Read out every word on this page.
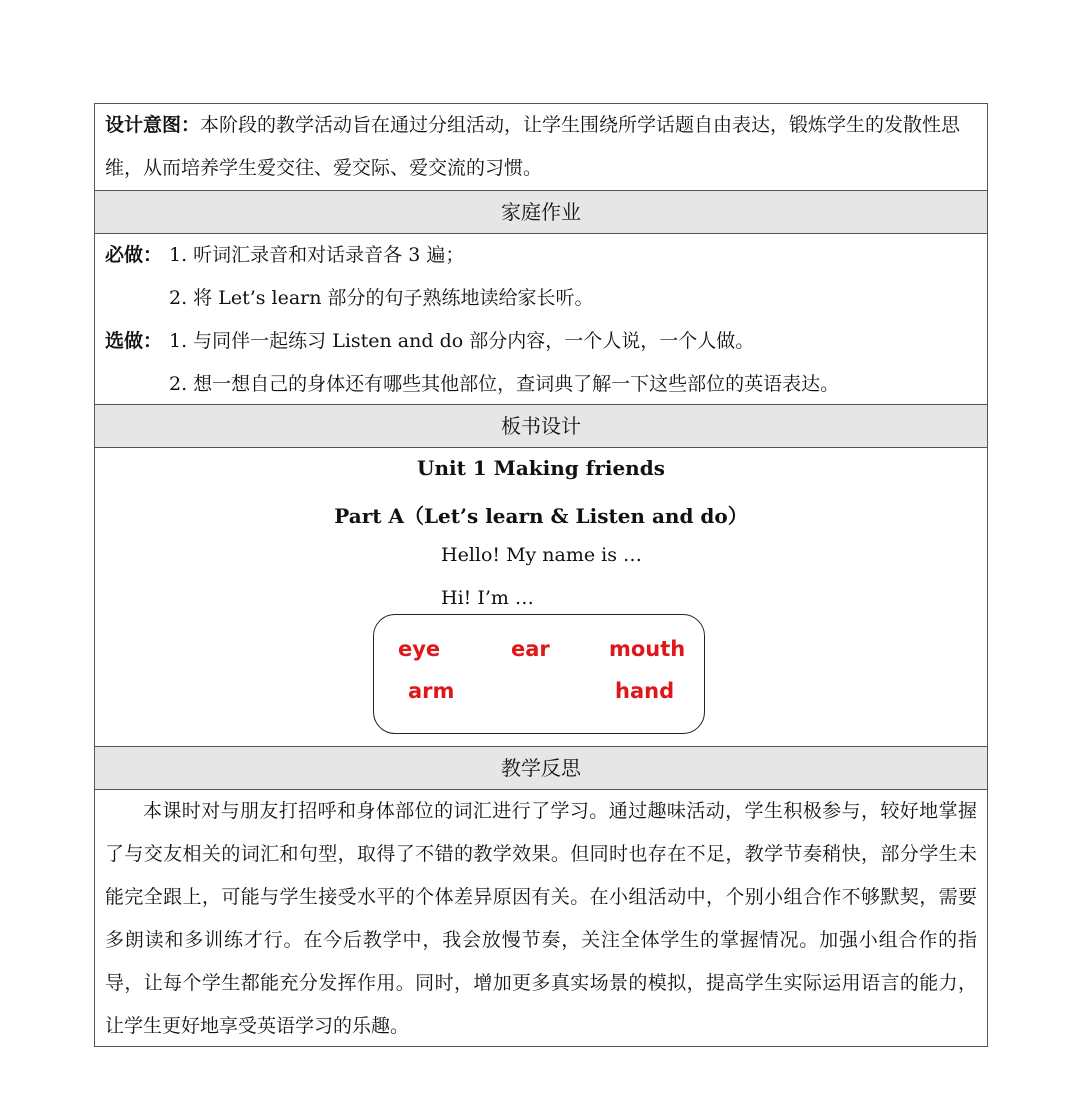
设计意图：本阶段的教学活动旨在通过分组活动，让学生围绕所学话题自由表达，锻炼学生的发散性思维，从而培养学生爱交往、爱交际、爱交流的习惯。
家庭作业
必做： 1. 听词汇录音和对话录音各 3 遍；
2. 将 Let’s learn 部分的句子熟练地读给家长听。
选做： 1. 与同伴一起练习 Listen and do 部分内容，一个人说，一个人做。
2. 想一想自己的身体还有哪些其他部位，查词典了解一下这些部位的英语表达。
板书设计
Unit 1 Making friends
Part A（Let’s learn & Listen and do）
Hello! My name is …
Hi! I’m …
eye	ear	mouth
arm	hand
教学反思
本课时对与朋友打招呼和身体部位的词汇进行了学习。通过趣味活动，学生积极参与，较好地掌握了与交友相关的词汇和句型，取得了不错的教学效果。但同时也存在不足，教学节奏稍快，部分学生未能完全跟上，可能与学生接受水平的个体差异原因有关。在小组活动中，个别小组合作不够默契，需要多朗读和多训练才行。在今后教学中，我会放慢节奏，关注全体学生的掌握情况。加强小组合作的指导，让每个学生都能充分发挥作用。同时，增加更多真实场景的模拟，提高学生实际运用语言的能力，让学生更好地享受英语学习的乐趣。
